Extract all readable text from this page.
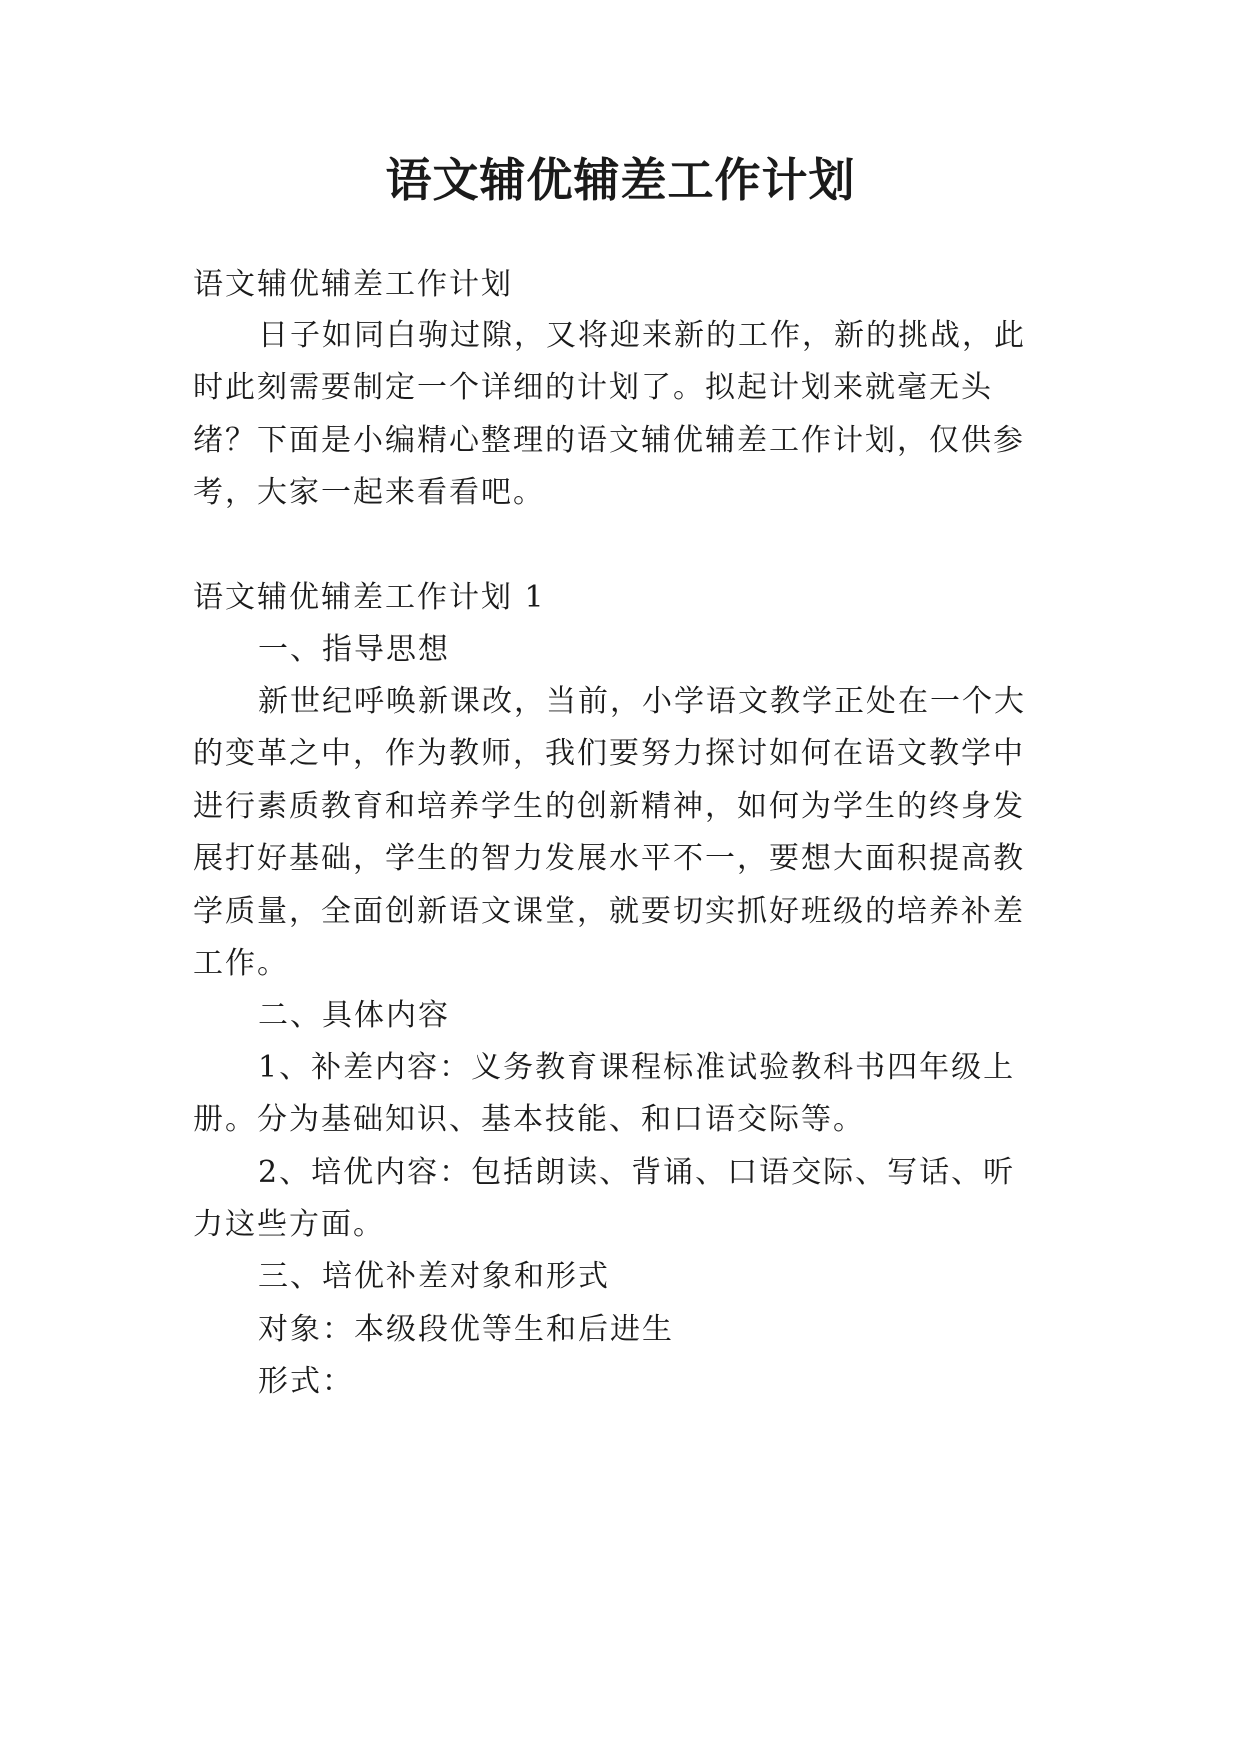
语文辅优辅差工作计划

语文辅优辅差工作计划

日子如同白驹过隙，又将迎来新的工作，新的挑战，此

时此刻需要制定一个详细的计划了。拟起计划来就毫无头

绪？下面是小编精心整理的语文辅优辅差工作计划，仅供参

考，大家一起来看看吧。

语文辅优辅差工作计划 1

一、指导思想

新世纪呼唤新课改，当前，小学语文教学正处在一个大

的变革之中，作为教师，我们要努力探讨如何在语文教学中

进行素质教育和培养学生的创新精神，如何为学生的终身发

展打好基础，学生的智力发展水平不一，要想大面积提高教

学质量，全面创新语文课堂，就要切实抓好班级的培养补差

工作。

二、具体内容

1、补差内容：义务教育课程标准试验教科书四年级上

册。分为基础知识、基本技能、和口语交际等。

2、培优内容：包括朗读、背诵、口语交际、写话、听

力这些方面。

三、培优补差对象和形式

对象：本级段优等生和后进生

形式：
